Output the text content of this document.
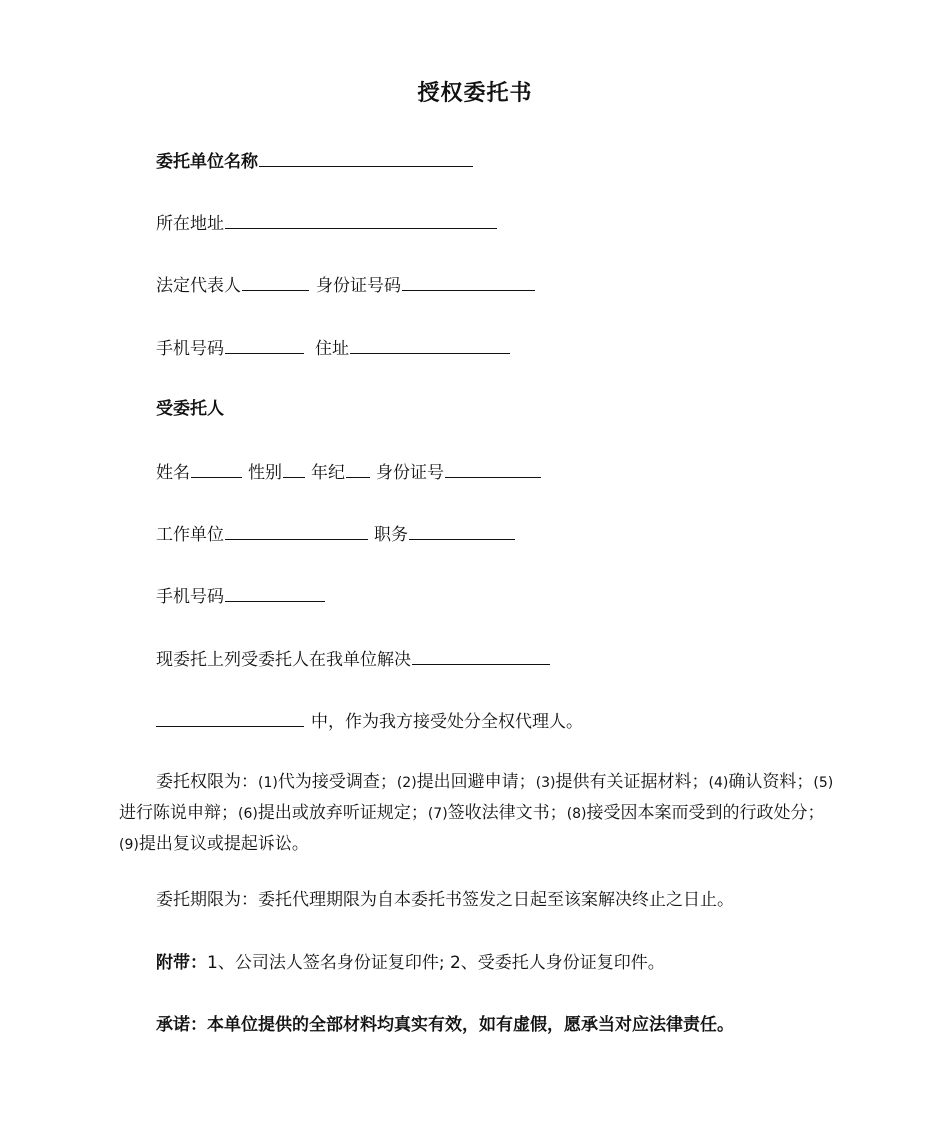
授权委托书
委托单位名称
所在地址
法定代表人	身份证号码
手机号码	住址
受委托人
姓名	性别 年纪 身份证号
工作单位	职务
手机号码
现委托上列受委托人在我单位解决
中，作为我方接受处分全权代理人。
委托权限为：(1)代为接受调查；(2)提出回避申请；(3)提供有关证据材料；(4)确认资料；(5)进行陈说申辩；(6)提出或放弃听证规定；(7)签收法律文书；(8)接受因本案而受到的行政处分；(9)提出复议或提起诉讼。
委托期限为：委托代理期限为自本委托书签发之日起至该案解决终止之日止。
附带：1、公司法人签名身份证复印件; 2、受委托人身份证复印件。
承诺：本单位提供的全部材料均真实有效，如有虚假，愿承当对应法律责任。
